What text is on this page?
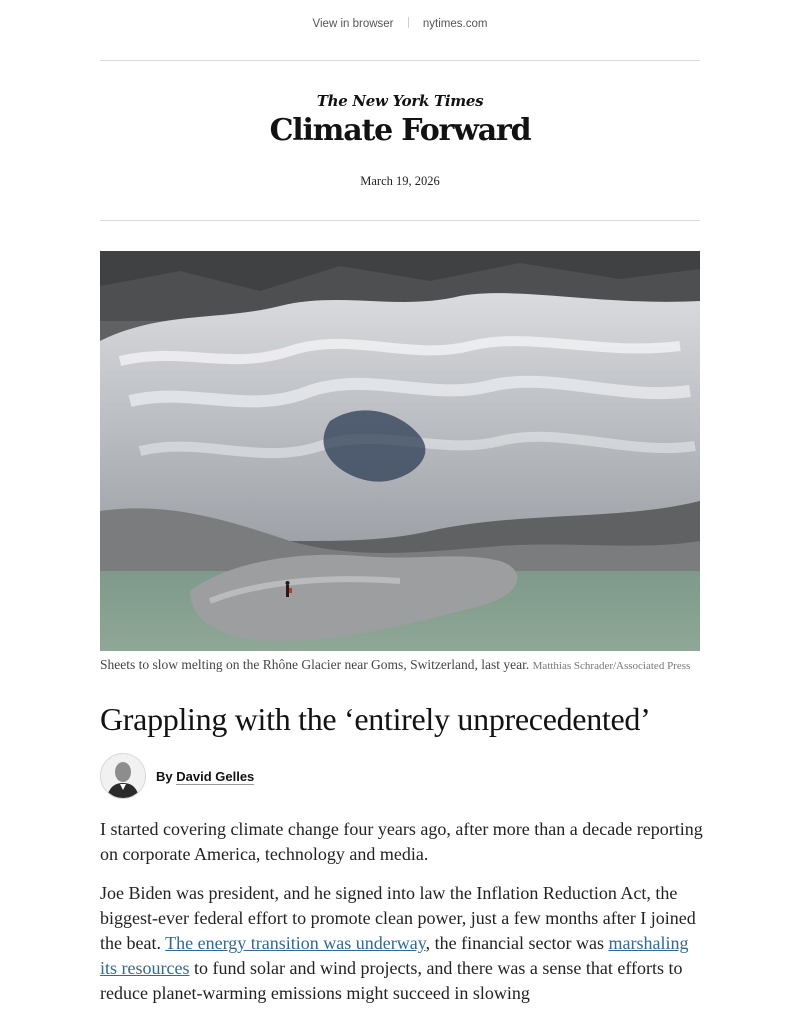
View in browser	nytimes.com
The New York Times
Climate Forward
March 19, 2026
Sheets to slow melting on the Rhône Glacier near Goms, Switzerland, last year. Matthias Schrader/Associated Press
Grappling with the ‘entirely unprecedented’
By David Gelles

I started covering climate change four years ago, after more than a decade reporting on corporate America, technology and media.

Joe Biden was president, and he signed into law the Inflation Reduction Act, the biggest-ever federal effort to promote clean power, just a few months after I joined the beat. The energy transition was underway, the financial sector was marshaling its resources to fund solar and wind projects, and there was a sense that efforts to reduce planet-warming emissions might succeed in slowing
